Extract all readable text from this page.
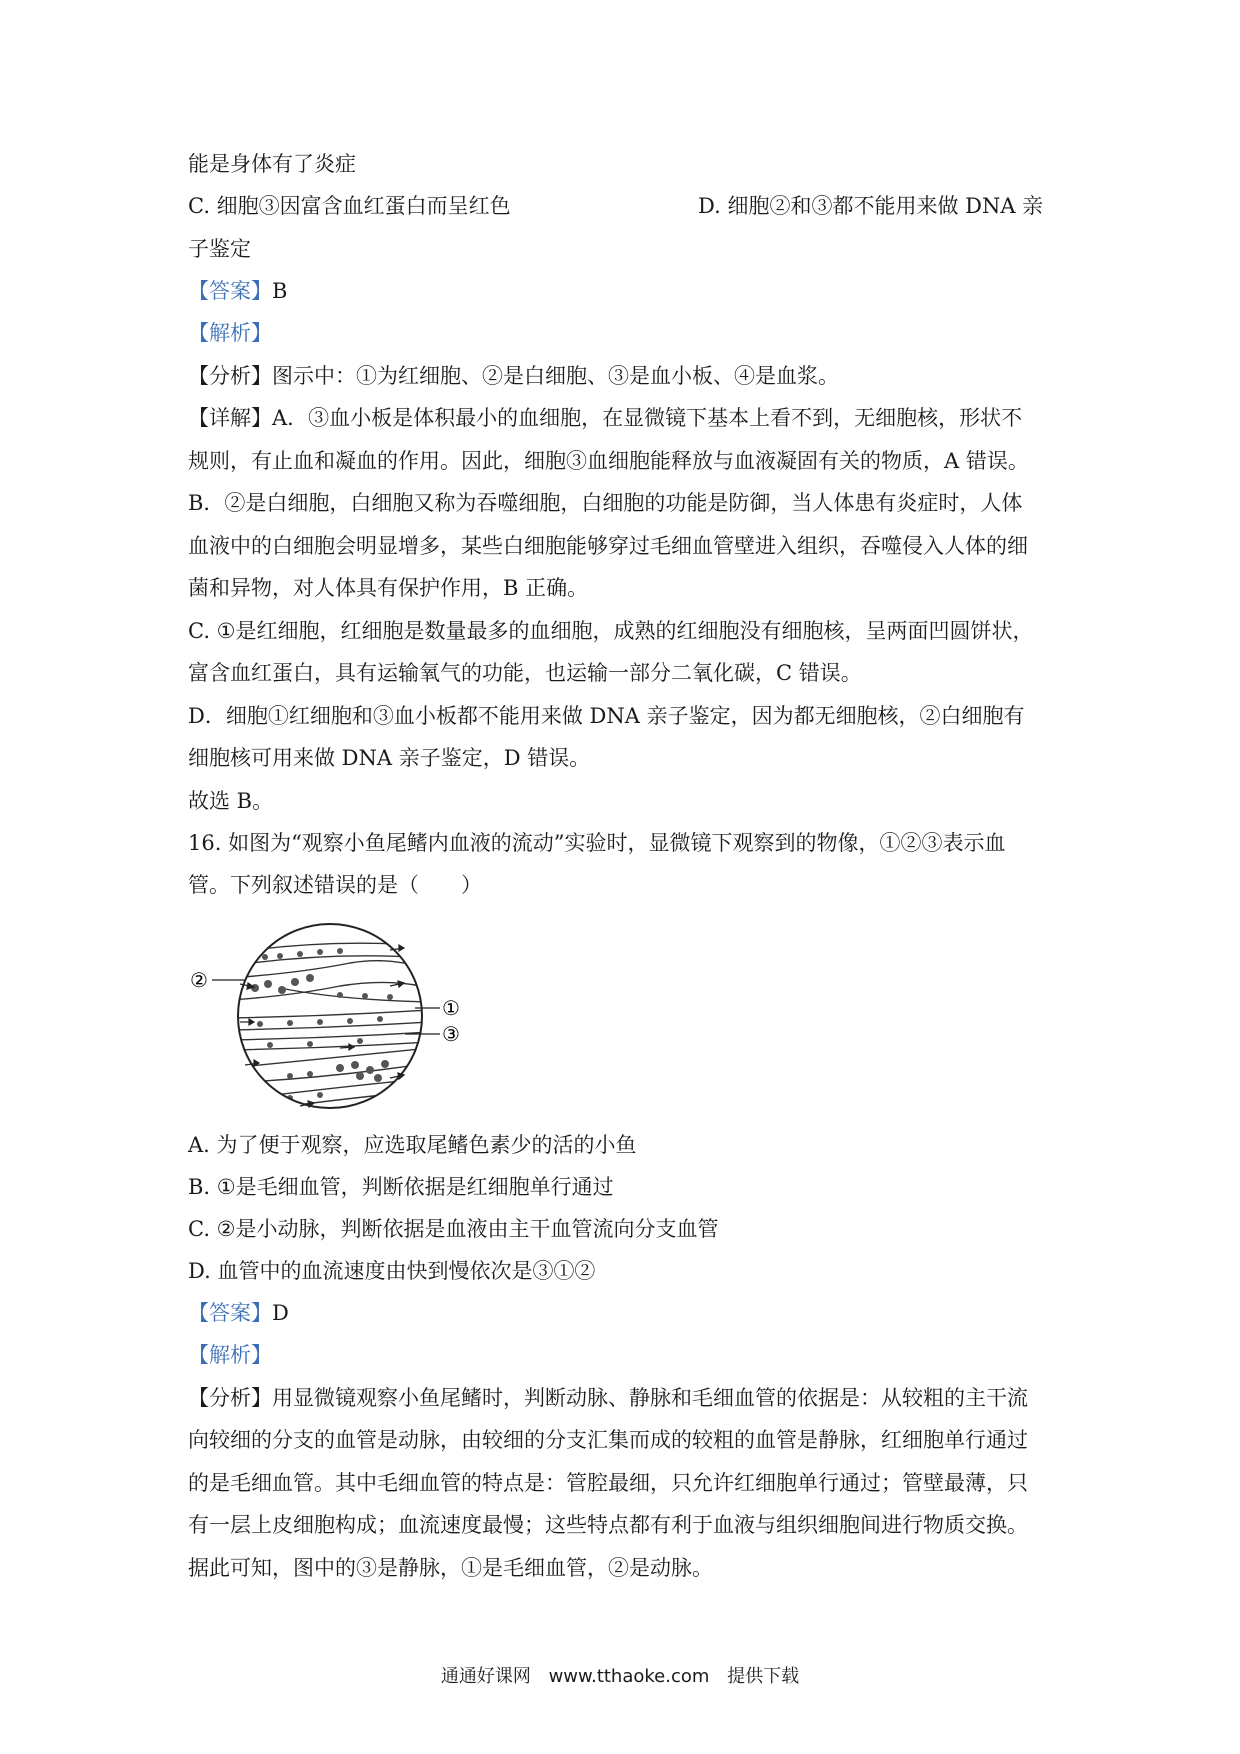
能是身体有了炎症
C. 细胞③因富含血红蛋白而呈红色	D. 细胞②和③都不能用来做 DNA 亲
子鉴定
【答案】B
【解析】
【分析】图示中：①为红细胞、②是白细胞、③是血小板、④是血浆。
【详解】A．③血小板是体积最小的血细胞，在显微镜下基本上看不到，无细胞核，形状不
规则，有止血和凝血的作用。因此，细胞③血细胞能释放与血液凝固有关的物质，A 错误。
B．②是白细胞，白细胞又称为吞噬细胞，白细胞的功能是防御，当人体患有炎症时，人体
血液中的白细胞会明显增多，某些白细胞能够穿过毛细血管壁进入组织，吞噬侵入人体的细
菌和异物，对人体具有保护作用，B 正确。
C. ①是红细胞，红细胞是数量最多的血细胞，成熟的红细胞没有细胞核，呈两面凹圆饼状，
富含血红蛋白，具有运输氧气的功能，也运输一部分二氧化碳，C 错误。
D．细胞①红细胞和③血小板都不能用来做 DNA 亲子鉴定，因为都无细胞核，②白细胞有
细胞核可用来做 DNA 亲子鉴定，D 错误。
故选 B。
16. 如图为“观察小鱼尾鳍内血液的流动”实验时，显微镜下观察到的物像，①②③表示血
管。下列叙述错误的是（　　）
②
①
③
A. 为了便于观察，应选取尾鳍色素少的活的小鱼
B. ①是毛细血管，判断依据是红细胞单行通过
C. ②是小动脉，判断依据是血液由主干血管流向分支血管
D. 血管中的血流速度由快到慢依次是③①②
【答案】D
【解析】
【分析】用显微镜观察小鱼尾鳍时，判断动脉、静脉和毛细血管的依据是：从较粗的主干流
向较细的分支的血管是动脉，由较细的分支汇集而成的较粗的血管是静脉，红细胞单行通过
的是毛细血管。其中毛细血管的特点是：管腔最细，只允许红细胞单行通过；管壁最薄，只
有一层上皮细胞构成；血流速度最慢；这些特点都有利于血液与组织细胞间进行物质交换。
据此可知，图中的③是静脉，①是毛细血管，②是动脉。
通通好课网 www.tthaoke.com 提供下载
